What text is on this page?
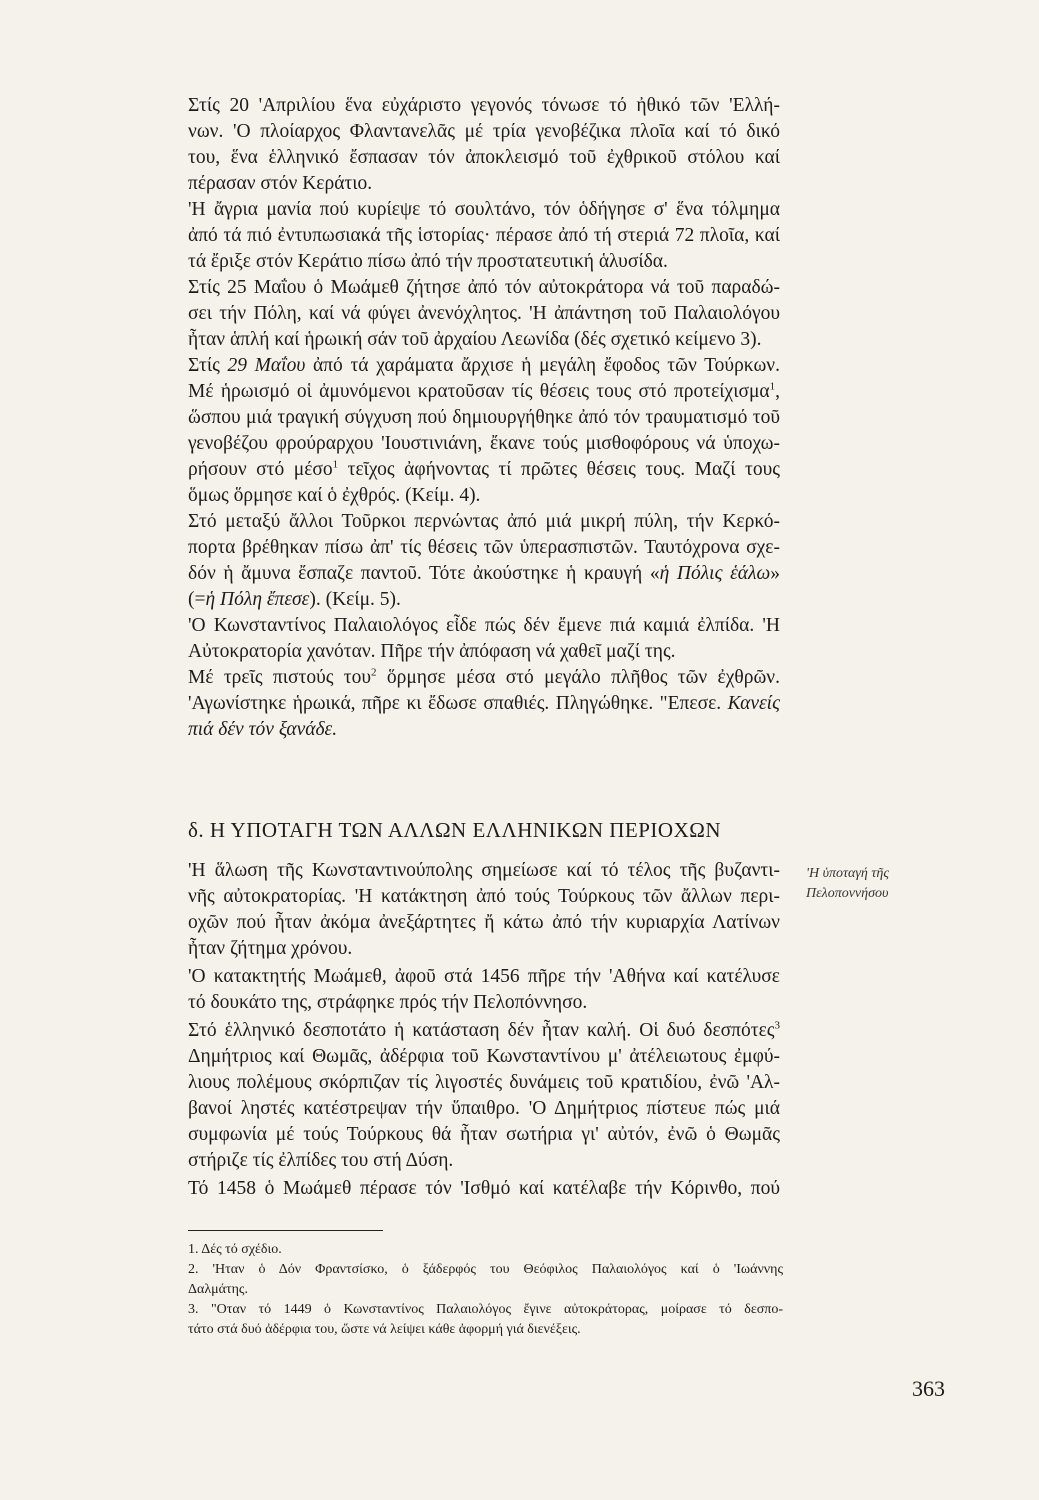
Στίς 20 'Απριλίου ἕνα εὐχάριστο γεγονός τόνωσε τό ἠθικό τῶν 'Ελλή-
νων. 'Ο πλοίαρχος Φλαντανελᾶς μέ τρία γενοβέζικα πλοῖα καί τό δικό
του, ἕνα ἑλληνικό ἔσπασαν τόν ἀποκλεισμό τοῦ ἐχθρικοῦ στόλου καί
πέρασαν στόν Κεράτιο.
'Η ἄγρια μανία πού κυρίεψε τό σουλτάνο, τόν ὁδήγησε σ' ἕνα τόλμημα
ἀπό τά πιό ἐντυπωσιακά τῆς ἱστορίας· πέρασε ἀπό τή στεριά 72 πλοῖα, καί
τά ἔριξε στόν Κεράτιο πίσω ἀπό τήν προστατευτική ἁλυσίδα.
Στίς 25 Μαΐου ὁ Μωάμεθ ζήτησε ἀπό τόν αὐτοκράτορα νά τοῦ παραδώ-
σει τήν Πόλη, καί νά φύγει ἀνενόχλητος. 'Η ἀπάντηση τοῦ Παλαιολόγου
ἦταν ἁπλή καί ἡρωική σάν τοῦ ἀρχαίου Λεωνίδα (δές σχετικό κείμενο 3).
Στίς 29 Μαΐου ἀπό τά χαράματα ἄρχισε ἡ μεγάλη ἔφοδος τῶν Τούρκων.
Μέ ἡρωισμό οἱ ἀμυνόμενοι κρατοῦσαν τίς θέσεις τους στό προτείχισμα$^1$,
ὥσπου μιά τραγική σύγχυση πού δημιουργήθηκε ἀπό τόν τραυματισμό τοῦ
γενοβέζου φρούραρχου 'Ιουστινιάνη, ἔκανε τούς μισθοφόρους νά ὑποχω-
ρήσουν στό μέσο$^1$ τεῖχος ἀφήνοντας τί πρῶτες θέσεις τους. Μαζί τους
ὅμως ὅρμησε καί ὁ ἐχθρός. (Κείμ. 4).
Στό μεταξύ ἄλλοι Τοῦρκοι περνώντας ἀπό μιά μικρή πύλη, τήν Κερκό-
πορτα βρέθηκαν πίσω ἀπ' τίς θέσεις τῶν ὑπερασπιστῶν. Ταυτόχρονα σχε-
δόν ἡ ἄμυνα ἔσπαζε παντοῦ. Τότε ἀκούστηκε ἡ κραυγή «ἡ Πόλις ἑάλω»
(=ἡ Πόλη ἔπεσε). (Κείμ. 5).
'Ο Κωνσταντίνος Παλαιολόγος εἶδε πώς δέν ἔμενε πιά καμιά ἐλπίδα. 'Η
Αὐτοκρατορία χανόταν. Πῆρε τήν ἀπόφαση νά χαθεῖ μαζί της.
Μέ τρεῖς πιστούς του$^2$ ὅρμησε μέσα στό μεγάλο πλῆθος τῶν ἐχθρῶν.
'Αγωνίστηκε ἡρωικά, πῆρε κι ἔδωσε σπαθιές. Πληγώθηκε. "Επεσε. Κανείς
πιά δέν τόν ξανάδε.
δ. Η ΥΠΟΤΑΓΗ ΤΩΝ ΑΛΛΩΝ ΕΛΛΗΝΙΚΩΝ ΠΕΡΙΟΧΩΝ
'Η ὑποταγή τῆς
Πελοποννήσου
'Η ἅλωση τῆς Κωνσταντινούπολης σημείωσε καί τό τέλος τῆς βυζαντι-
νῆς αὐτοκρατορίας. 'Η κατάκτηση ἀπό τούς Τούρκους τῶν ἄλλων περι-
οχῶν πού ἦταν ἀκόμα ἀνεξάρτητες ἤ κάτω ἀπό τήν κυριαρχία Λατίνων
ἦταν ζήτημα χρόνου.
'Ο κατακτητής Μωάμεθ, ἀφοῦ στά 1456 πῆρε τήν 'Αθήνα καί κατέλυσε
τό δουκάτο της, στράφηκε πρός τήν Πελοπόννησο.
Στό ἑλληνικό δεσποτάτο ἡ κατάσταση δέν ἦταν καλή. Οἱ δυό δεσπότες$^3$
Δημήτριος καί Θωμᾶς, ἀδέρφια τοῦ Κωνσταντίνου μ' ἀτέλειωτους ἐμφύ-
λιους πολέμους σκόρπιζαν τίς λιγοστές δυνάμεις τοῦ κρατιδίου, ἐνῶ 'Αλ-
βανοί ληστές κατέστρεψαν τήν ὕπαιθρο. 'Ο Δημήτριος πίστευε πώς μιά
συμφωνία μέ τούς Τούρκους θά ἦταν σωτήρια γι' αὐτόν, ἐνῶ ὁ Θωμᾶς
στήριζε τίς ἐλπίδες του στή Δύση.
Τό 1458 ὁ Μωάμεθ πέρασε τόν 'Ισθμό καί κατέλαβε τήν Κόρινθο, πού
1. Δές τό σχέδιο.
2. 'Ηταν ὁ Δόν Φραντσίσκο, ὁ ξάδερφός του Θεόφιλος Παλαιολόγος καί ὁ 'Ιωάννης
Δαλμάτης.
3. "Οταν τό 1449 ὁ Κωνσταντίνος Παλαιολόγος ἔγινε αὐτοκράτορας, μοίρασε τό δεσπο-
τάτο στά δυό ἀδέρφια του, ὥστε νά λείψει κάθε ἀφορμή γιά διενέξεις.
363
